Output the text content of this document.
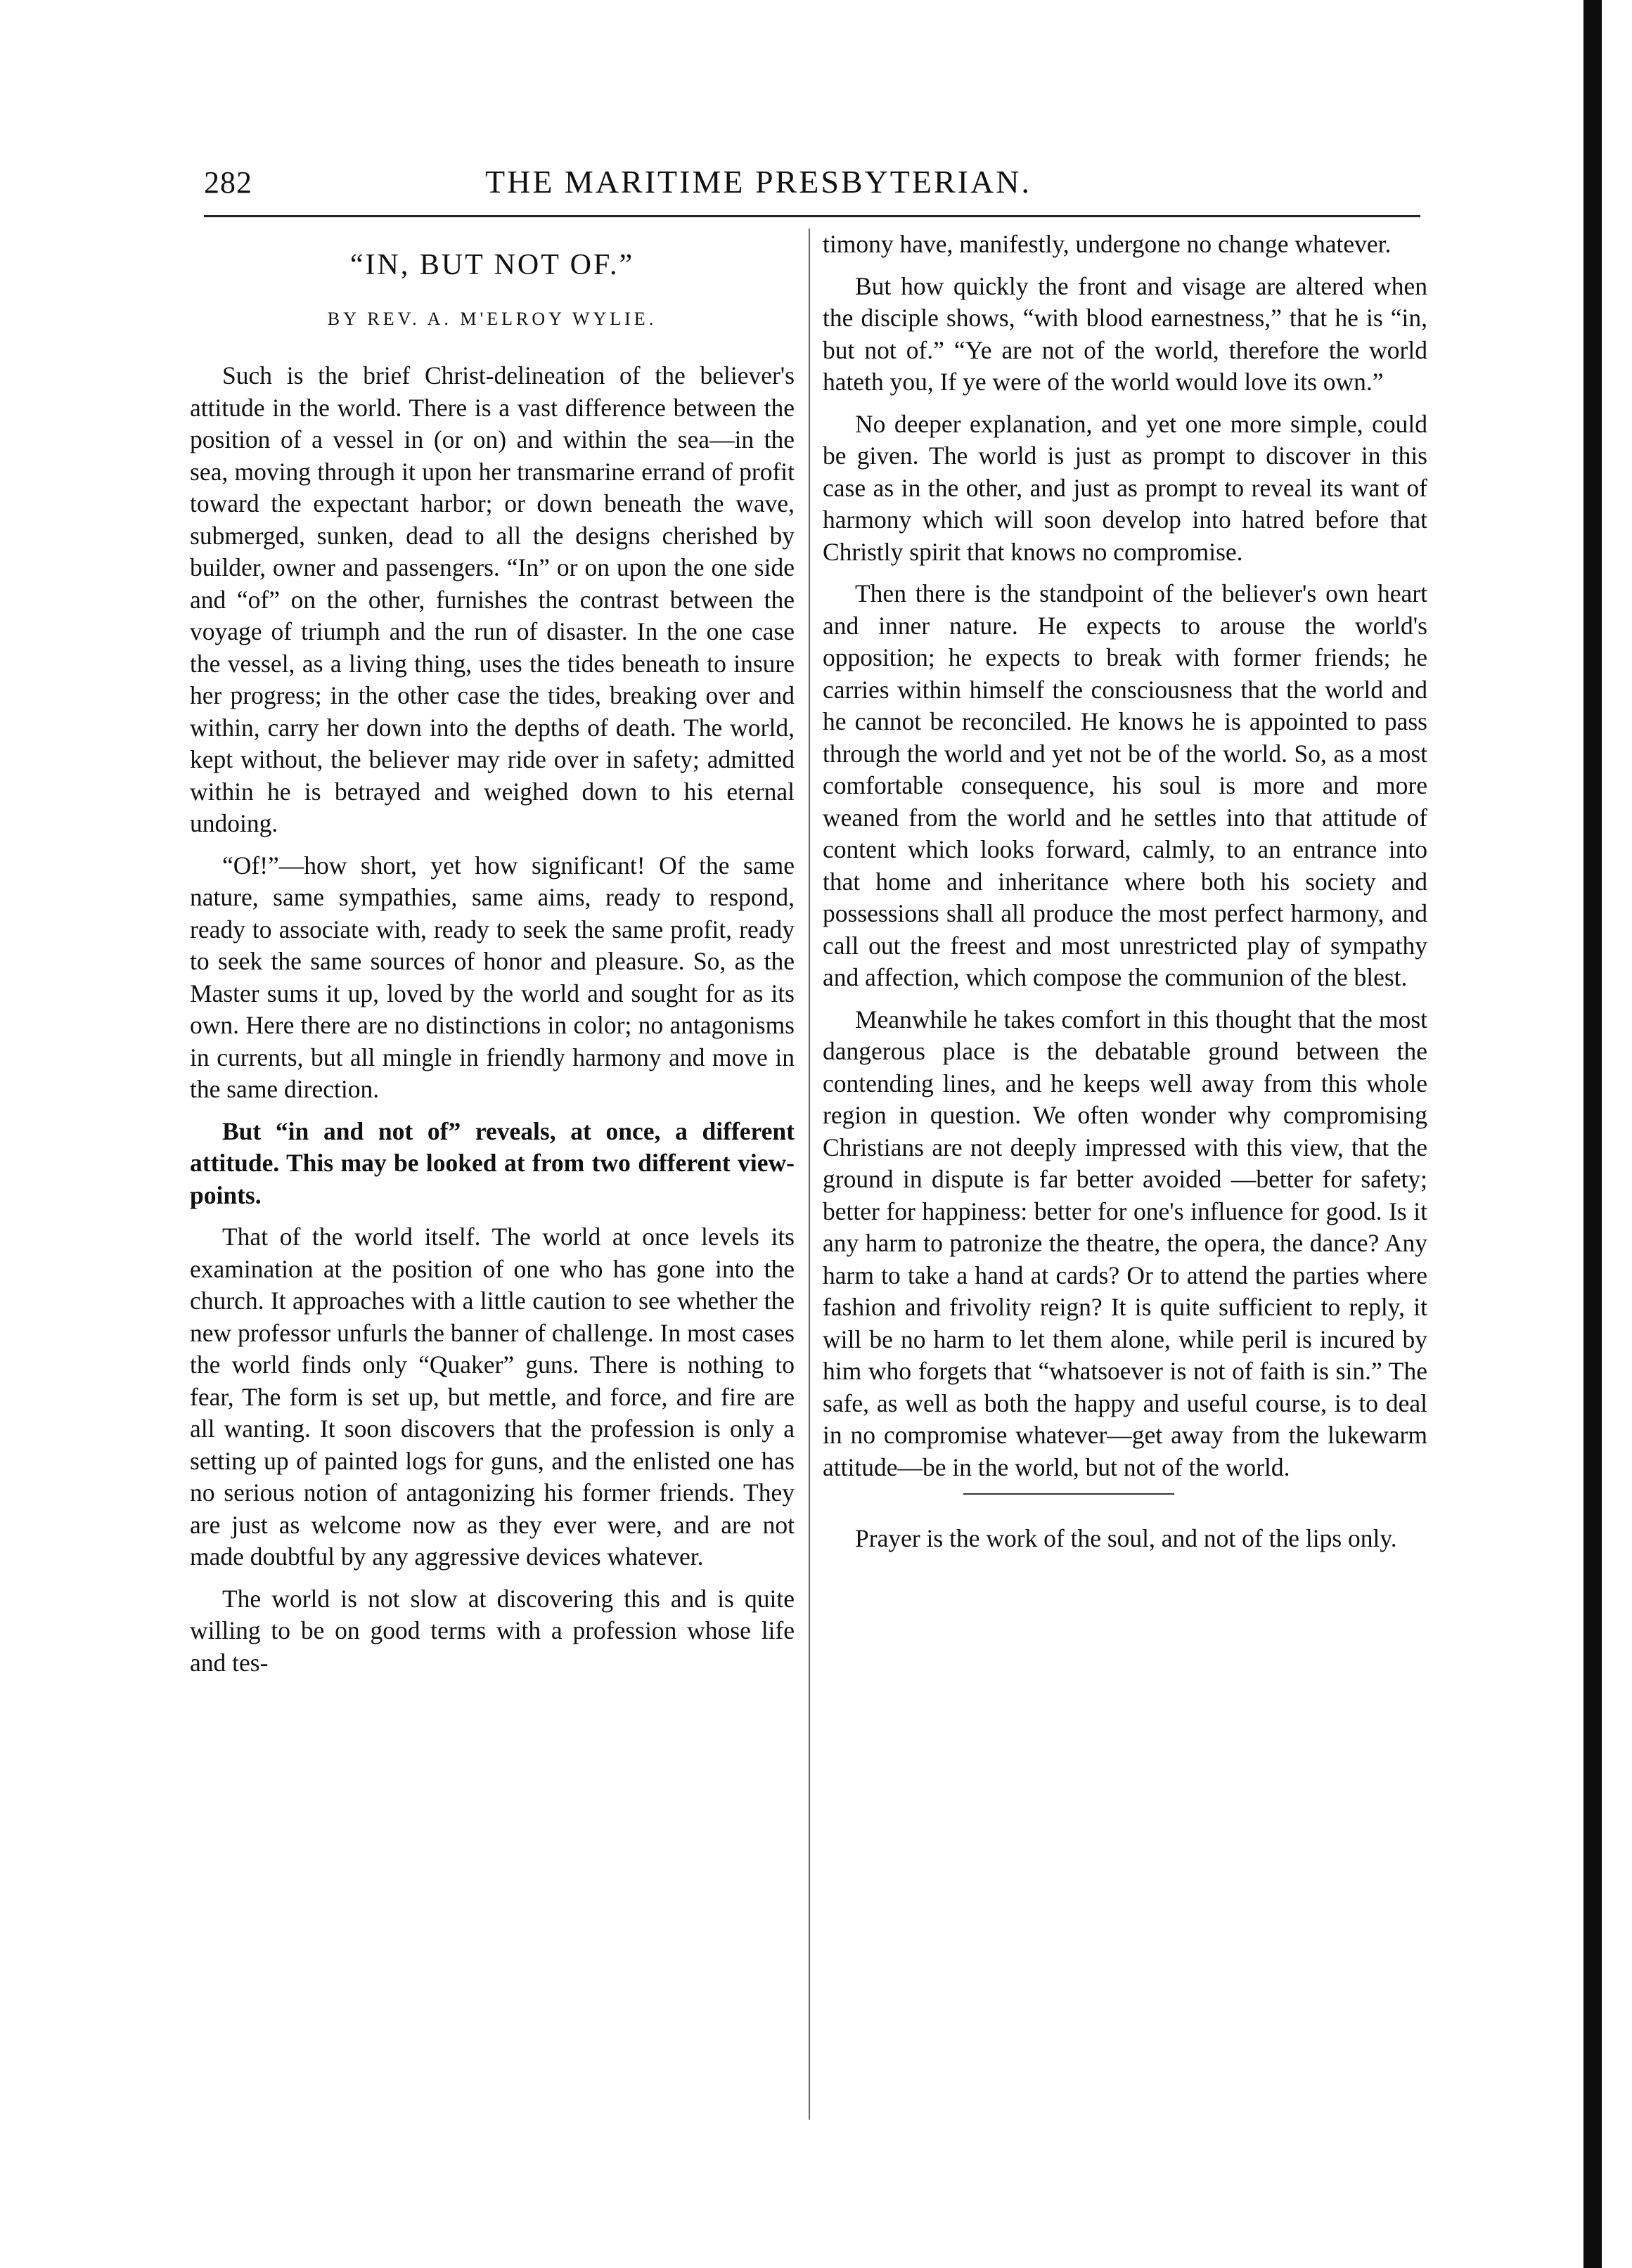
282	THE MARITIME PRESBYTERIAN.
“IN, BUT NOT OF.”
BY REV. A. M'ELROY WYLIE.

Such is the brief Christ-delineation of the believer's attitude in the world. There is a vast difference between the position of a vessel in (or on) and within the sea—in the sea, moving through it upon her transmarine errand of profit toward the expectant harbor; or down beneath the wave, submerged, sunken, dead to all the designs cherished by builder, owner and passengers. “In” or on upon the one side and “of” on the other, furnishes the contrast between the voyage of triumph and the run of disaster. In the one case the vessel, as a living thing, uses the tides beneath to insure her progress; in the other case the tides, breaking over and within, carry her down into the depths of death. The world, kept without, the believer may ride over in safety; admitted within he is betrayed and weighed down to his eternal undoing.

“Of!”—how short, yet how significant! Of the same nature, same sympathies, same aims, ready to respond, ready to associate with, ready to seek the same profit, ready to seek the same sources of honor and pleasure. So, as the Master sums it up, loved by the world and sought for as its own. Here there are no distinctions in color; no antagonisms in currents, but all mingle in friendly harmony and move in the same direction.

But “in and not of” reveals, at once, a different attitude. This may be looked at from two different view-points.

That of the world itself. The world at once levels its examination at the position of one who has gone into the church. It approaches with a little caution to see whether the new professor unfurls the banner of challenge. In most cases the world finds only “Quaker” guns. There is nothing to fear, The form is set up, but mettle, and force, and fire are all wanting. It soon discovers that the profession is only a setting up of painted logs for guns, and the enlisted one has no serious notion of antagonizing his former friends. They are just as welcome now as they ever were, and are not made doubtful by any aggressive devices whatever.

The world is not slow at discovering this and is quite willing to be on good terms with a profession whose life and tes-

timony have, manifestly, undergone no change whatever.

But how quickly the front and visage are altered when the disciple shows, “with blood earnestness,” that he is “in, but not of.” “Ye are not of the world, therefore the world hateth you, If ye were of the world would love its own.”

No deeper explanation, and yet one more simple, could be given. The world is just as prompt to discover in this case as in the other, and just as prompt to reveal its want of harmony which will soon develop into hatred before that Christly spirit that knows no compromise.

Then there is the standpoint of the believer's own heart and inner nature. He expects to arouse the world's opposition; he expects to break with former friends; he carries within himself the consciousness that the world and he cannot be reconciled. He knows he is appointed to pass through the world and yet not be of the world. So, as a most comfortable consequence, his soul is more and more weaned from the world and he settles into that attitude of content which looks forward, calmly, to an entrance into that home and inheritance where both his society and possessions shall all produce the most perfect harmony, and call out the freest and most unrestricted play of sympathy and affection, which compose the communion of the blest.

Meanwhile he takes comfort in this thought that the most dangerous place is the debatable ground between the contending lines, and he keeps well away from this whole region in question. We often wonder why compromising Christians are not deeply impressed with this view, that the ground in dispute is far better avoided —better for safety; better for happiness: better for one's influence for good. Is it any harm to patronize the theatre, the opera, the dance? Any harm to take a hand at cards? Or to attend the parties where fashion and frivolity reign? It is quite sufficient to reply, it will be no harm to let them alone, while peril is incured by him who forgets that “whatsoever is not of faith is sin.” The safe, as well as both the happy and useful course, is to deal in no compromise whatever—get away from the lukewarm attitude—be in the world, but not of the world.

Prayer is the work of the soul, and not of the lips only.
